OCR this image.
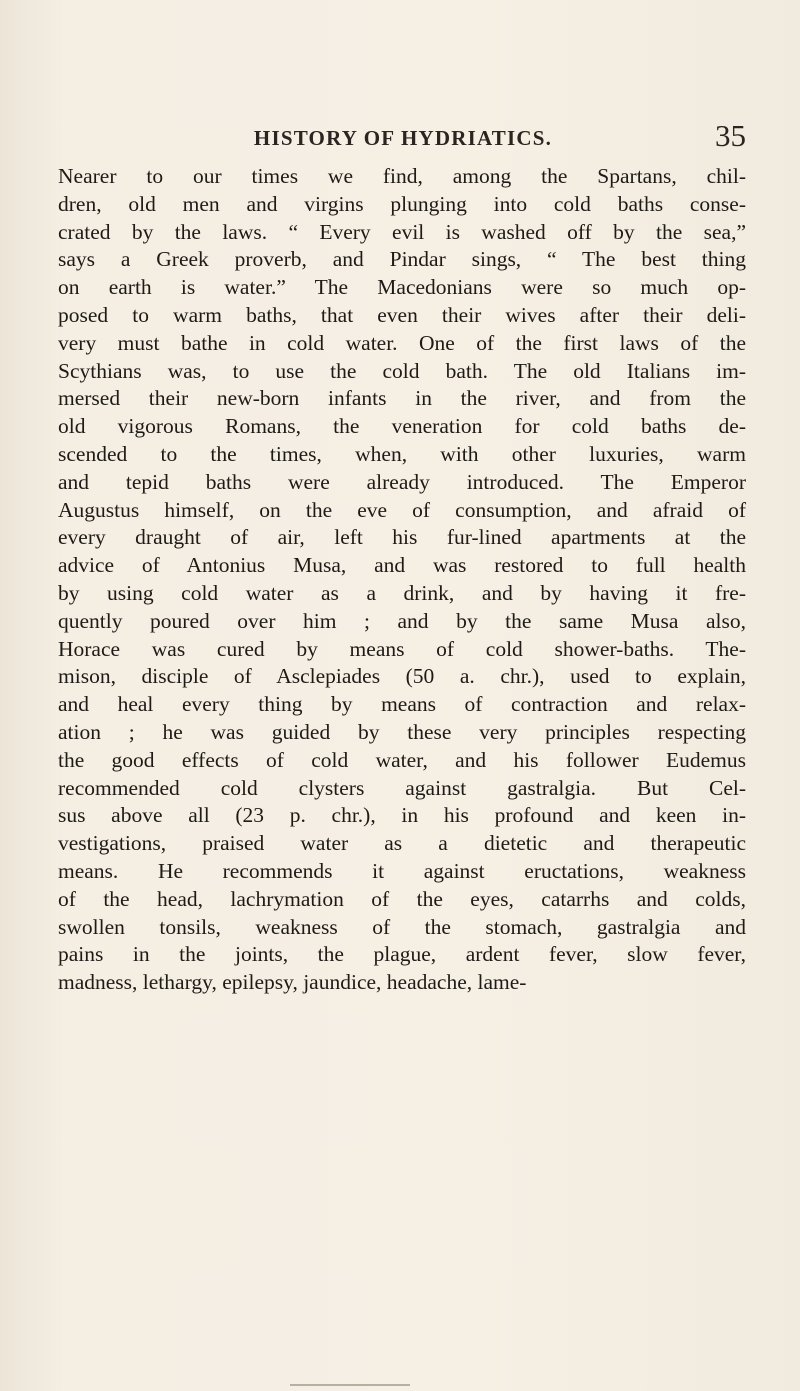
HISTORY OF HYDRIATICS.	35
Nearer to our times we find, among the Spartans, chil-
dren, old men and virgins plunging into cold baths conse-
crated by the laws. “ Every evil is washed off by the sea,”
says a Greek proverb, and Pindar sings, “ The best thing
on earth is water.” The Macedonians were so much op-
posed to warm baths, that even their wives after their deli-
very must bathe in cold water. One of the first laws of the
Scythians was, to use the cold bath. The old Italians im-
mersed their new-born infants in the river, and from the
old vigorous Romans, the veneration for cold baths de-
scended to the times, when, with other luxuries, warm
and tepid baths were already introduced. The Emperor
Augustus himself, on the eve of consumption, and afraid of
every draught of air, left his fur-lined apartments at the
advice of Antonius Musa, and was restored to full health
by using cold water as a drink, and by having it fre-
quently poured over him ; and by the same Musa also,
Horace was cured by means of cold shower-baths. The-
mison, disciple of Asclepiades (50 a. chr.), used to explain,
and heal every thing by means of contraction and relax-
ation ; he was guided by these very principles respecting
the good effects of cold water, and his follower Eudemus
recommended cold clysters against gastralgia. But Cel-
sus above all (23 p. chr.), in his profound and keen in-
vestigations, praised water as a dietetic and therapeutic
means. He recommends it against eructations, weakness
of the head, lachrymation of the eyes, catarrhs and colds,
swollen tonsils, weakness of the stomach, gastralgia and
pains in the joints, the plague, ardent fever, slow fever,
madness, lethargy, epilepsy, jaundice, headache, lame-
